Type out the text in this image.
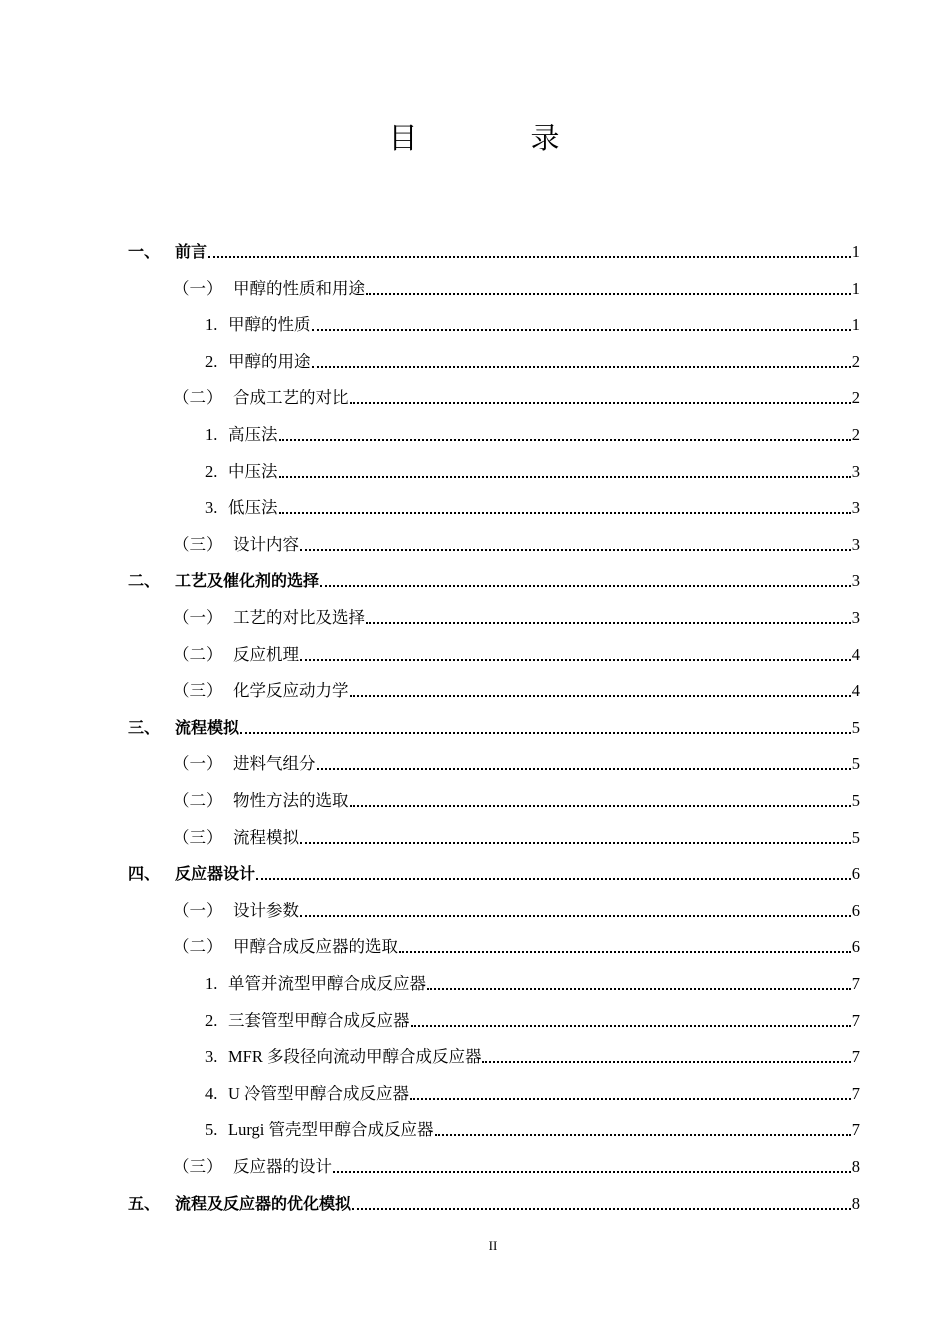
目　录
一、 前言	1
（一） 甲醇的性质和用途	1
1. 甲醇的性质	1
2. 甲醇的用途	2
（二） 合成工艺的对比	2
1. 高压法	2
2. 中压法	3
3. 低压法	3
（三） 设计内容	3
二、 工艺及催化剂的选择	3
（一） 工艺的对比及选择	3
（二） 反应机理	4
（三） 化学反应动力学	4
三、 流程模拟	5
（一） 进料气组分	5
（二） 物性方法的选取	5
（三） 流程模拟	5
四、 反应器设计	6
（一） 设计参数	6
（二） 甲醇合成反应器的选取	6
1. 单管并流型甲醇合成反应器	7
2. 三套管型甲醇合成反应器	7
3. MFR 多段径向流动甲醇合成反应器	7
4. U 冷管型甲醇合成反应器	7
5. Lurgi 管壳型甲醇合成反应器	7
（三） 反应器的设计	8
五、 流程及反应器的优化模拟	8
II
